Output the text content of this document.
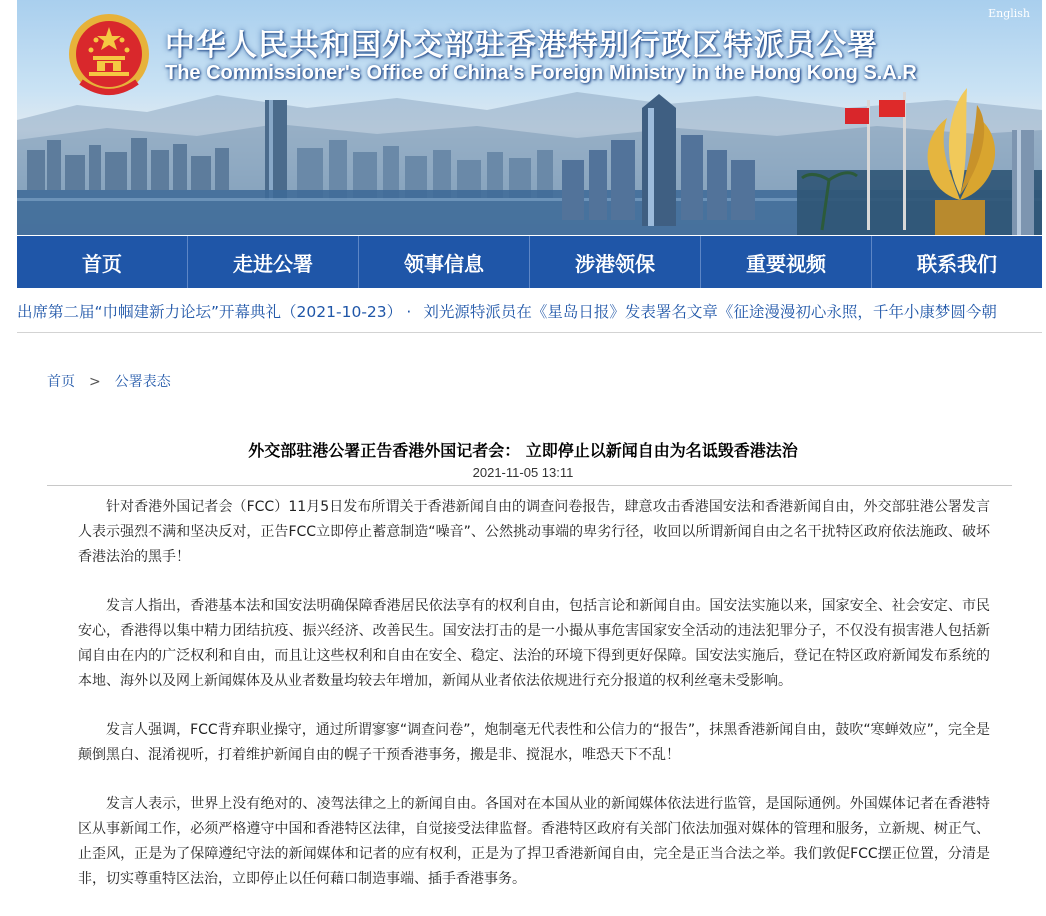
中华人民共和国外交部驻香港特别行政区特派员公署
The Commissioner's Office of China's Foreign Ministry in the Hong Kong S.A.R
English
首页	走进公署	领事信息	涉港领保	重要视频	联系我们
出席第二届“巾帼建新力论坛”开幕典礼（2021-10-23） · 刘光源特派员在《星岛日报》发表署名文章《征途漫漫初心永照，千年小康梦圆今朝
首页 > 公署表态
外交部驻港公署正告香港外国记者会： 立即停止以新闻自由为名诋毁香港法治
2021-11-05 13:11

针对香港外国记者会（FCC）11月5日发布所谓关于香港新闻自由的调查问卷报告，肆意攻击香港国安法和香港新闻自由，外交部驻港公署发言人表示强烈不满和坚决反对，正告FCC立即停止蓄意制造“噪音”、公然挑动事端的卑劣行径，收回以所谓新闻自由之名干扰特区政府依法施政、破坏香港法治的黑手！

发言人指出，香港基本法和国安法明确保障香港居民依法享有的权利自由，包括言论和新闻自由。国安法实施以来，国家安全、社会安定、市民安心，香港得以集中精力团结抗疫、振兴经济、改善民生。国安法打击的是一小撮从事危害国家安全活动的违法犯罪分子，不仅没有损害港人包括新闻自由在内的广泛权利和自由，而且让这些权利和自由在安全、稳定、法治的环境下得到更好保障。国安法实施后，登记在特区政府新闻发布系统的本地、海外以及网上新闻媒体及从业者数量均较去年增加，新闻从业者依法依规进行充分报道的权利丝毫未受影响。

发言人强调，FCC背弃职业操守，通过所谓寥寥“调查问卷”，炮制毫无代表性和公信力的“报告”，抹黑香港新闻自由，鼓吹“寒蝉效应”，完全是颠倒黑白、混淆视听，打着维护新闻自由的幌子干预香港事务，搬是非、搅混水，唯恐天下不乱！

发言人表示，世界上没有绝对的、凌驾法律之上的新闻自由。各国对在本国从业的新闻媒体依法进行监管，是国际通例。外国媒体记者在香港特区从事新闻工作，必须严格遵守中国和香港特区法律，自觉接受法律监督。香港特区政府有关部门依法加强对媒体的管理和服务，立新规、树正气、止歪风，正是为了保障遵纪守法的新闻媒体和记者的应有权利，正是为了捍卫香港新闻自由，完全是正当合法之举。我们敦促FCC摆正位置，分清是非，切实尊重特区法治，立即停止以任何藉口制造事端、插手香港事务。
